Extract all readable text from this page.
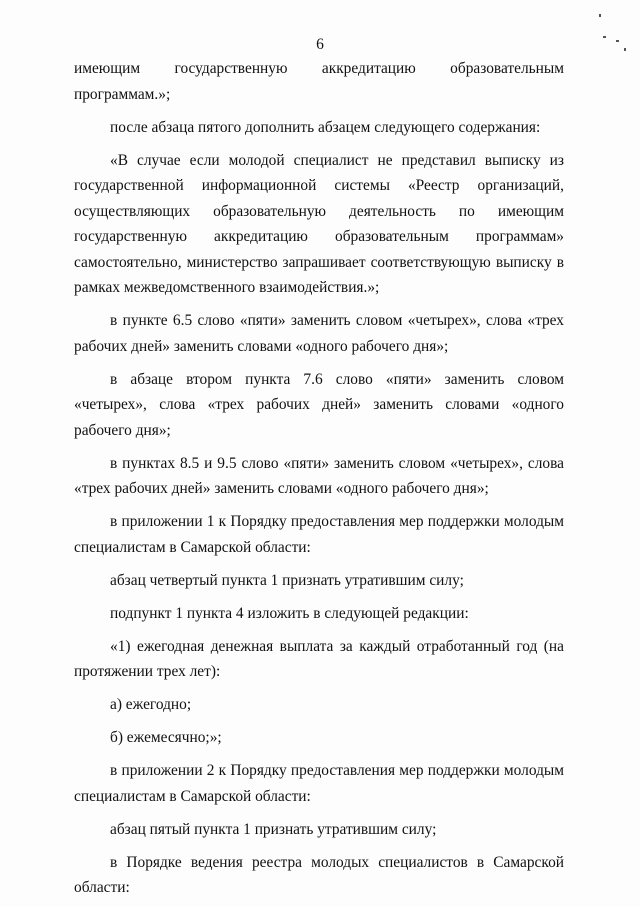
6

имеющим государственную аккредитацию образовательным программам.»;

после абзаца пятого дополнить абзацем следующего содержания:

«В случае если молодой специалист не представил выписку из государственной информационной системы «Реестр организаций, осуществляющих образовательную деятельность по имеющим государственную аккредитацию образовательным программам» самостоятельно, министерство запрашивает соответствующую выписку в рамках межведомственного взаимодействия.»;

в пункте 6.5 слово «пяти» заменить словом «четырех», слова «трех рабочих дней» заменить словами «одного рабочего дня»;

в абзаце втором пункта 7.6 слово «пяти» заменить словом «четырех», слова «трех рабочих дней» заменить словами «одного рабочего дня»;

в пунктах 8.5 и 9.5 слово «пяти» заменить словом «четырех», слова «трех рабочих дней» заменить словами «одного рабочего дня»;

в приложении 1 к Порядку предоставления мер поддержки молодым специалистам в Самарской области:

абзац четвертый пункта 1 признать утратившим силу;

подпункт 1 пункта 4 изложить в следующей редакции:

«1) ежегодная денежная выплата за каждый отработанный год (на протяжении трех лет):

а) ежегодно;

б) ежемесячно;»;

в приложении 2 к Порядку предоставления мер поддержки молодым специалистам в Самарской области:

абзац пятый пункта 1 признать утратившим силу;

в Порядке ведения реестра молодых специалистов в Самарской области:
